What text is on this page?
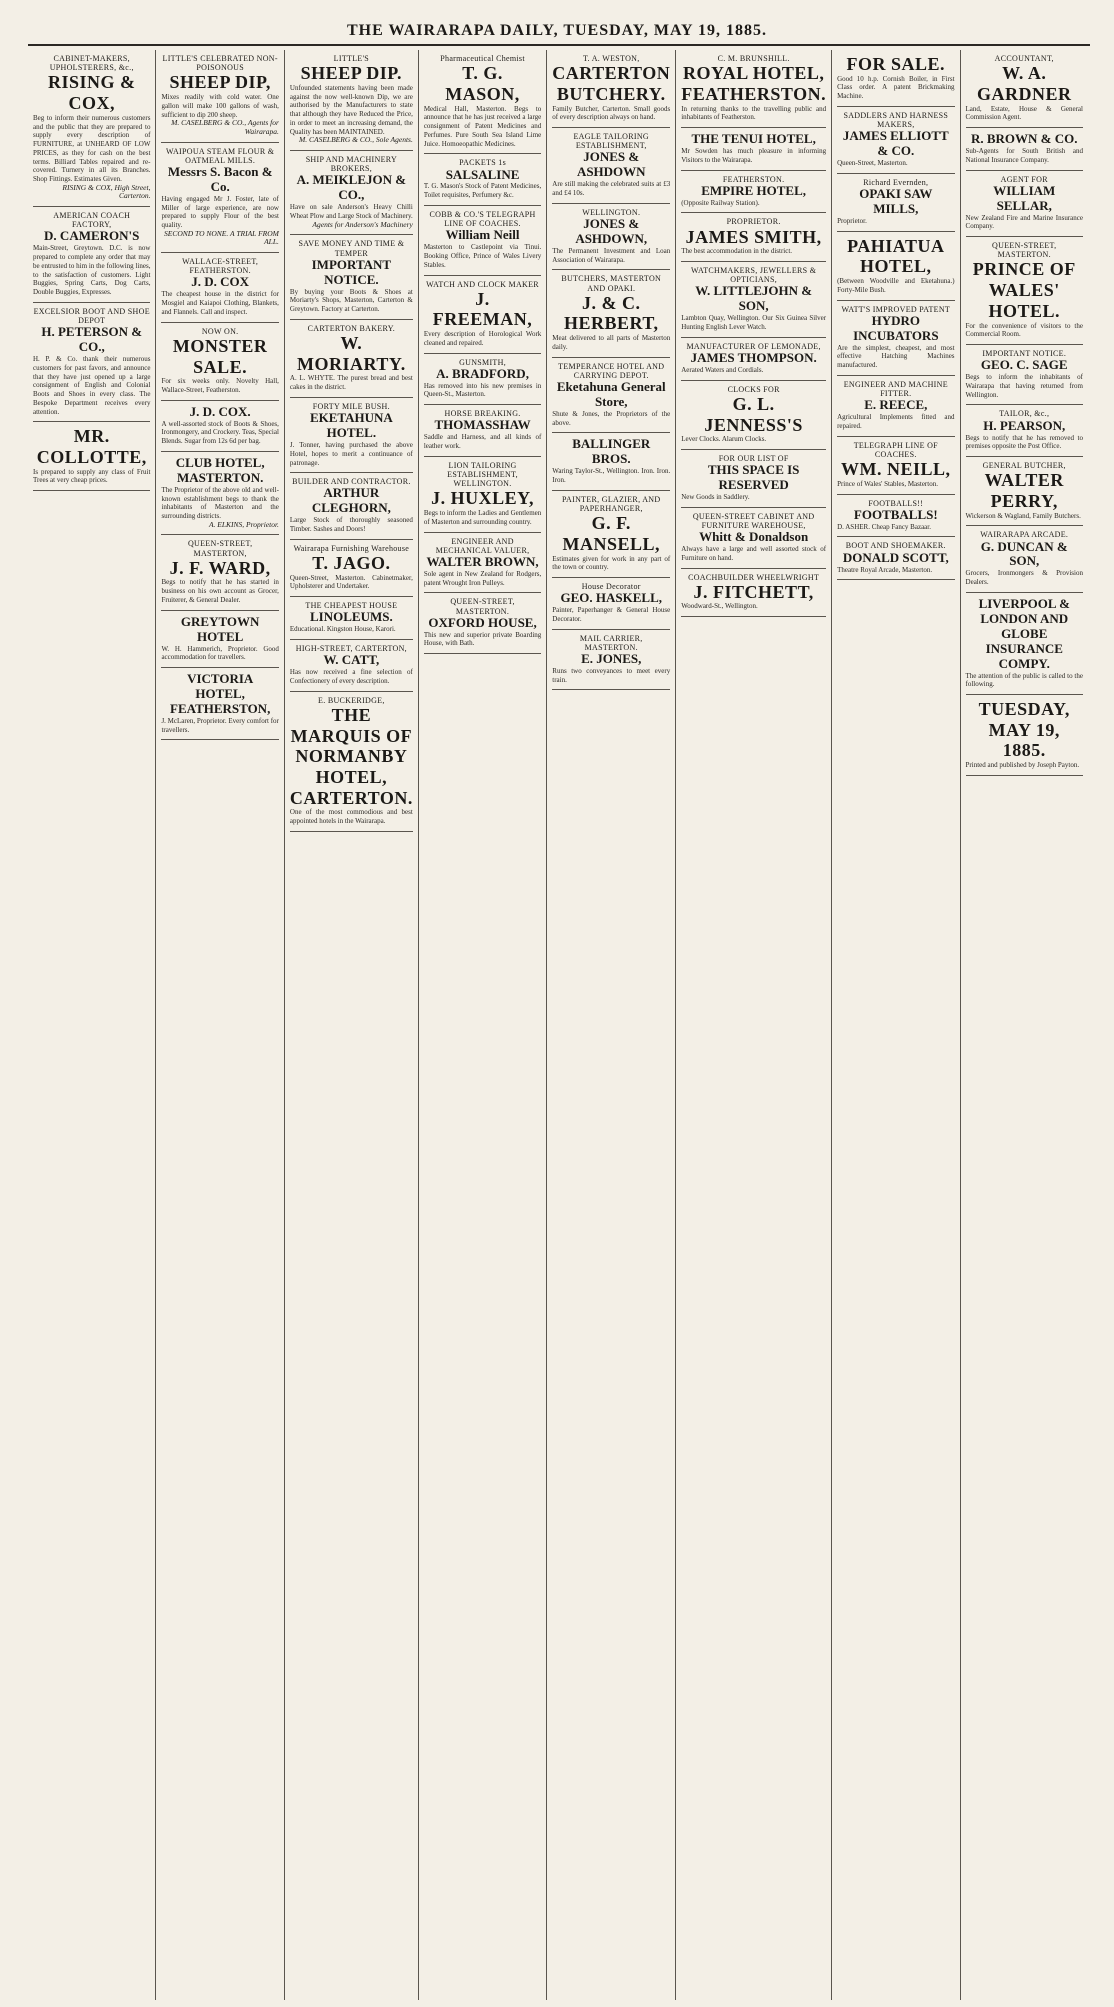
THE WAIRARAPA DAILY, TUESDAY, MAY 19, 1885.
CABINET-MAKERS, UPHOLSTERERS, &c.,
RISING & COX,
Beg to inform their numerous customers and the public that they are prepared to supply every description of FURNITURE, at UNHEARD OF LOW PRICES, as they for cash on the best terms. Billiard Tables repaired and re-covered. Turnery in all its Branches. Shop Fittings. Estimates Given.
RISING & COX, High Street, Carterton.
AMERICAN COACH FACTORY,
D. CAMERON'S
Main-Street, Greytown. D.C. is now prepared to complete any order that may be entrusted to him in the following lines, to the satisfaction of customers. Light Buggies, Spring Carts, Dog Carts, Double Buggies, Expresses.
EXCELSIOR BOOT AND SHOE DEPOT
H. PETERSON & CO.,
H. P. & Co. thank their numerous customers for past favors, and announce that they have just opened up a large consignment of English and Colonial Boots and Shoes in every class. The Bespoke Department receives every attention.
MR. COLLOTTE,
Is prepared to supply any class of Fruit Trees at very cheap prices.
LITTLE'S CELEBRATED NON-POISONOUS
SHEEP DIP,
Mixes readily with cold water. One gallon will make 100 gallons of wash, sufficient to dip 200 sheep.
M. CASELBERG & CO., Agents for Wairarapa.
WAIPOUA STEAM FLOUR & OATMEAL MILLS.
Messrs S. Bacon & Co.
Having engaged Mr J. Foster, late of Miller of large experience, are now prepared to supply Flour of the best quality.
SECOND TO NONE. A TRIAL FROM ALL.
WALLACE-STREET, FEATHERSTON.
J. D. COX
The cheapest house in the district for Mosgiel and Kaiapoi Clothing, Blankets, and Flannels. Call and inspect.
NOW ON.
MONSTER SALE.
For six weeks only. Novelty Hall, Wallace-Street, Featherston.
J. D. COX.
A well-assorted stock of Boots & Shoes, Ironmongery, and Crockery. Teas, Special Blends. Sugar from 12s 6d per bag.
CLUB HOTEL, MASTERTON.
The Proprietor of the above old and well-known establishment begs to thank the inhabitants of Masterton and the surrounding districts.
A. ELKINS, Proprietor.
QUEEN-STREET, MASTERTON,
J. F. WARD,
Begs to notify that he has started in business on his own account as Grocer, Fruiterer, & General Dealer.
GREYTOWN HOTEL
W. H. Hammerich, Proprietor. Good accommodation for travellers.
VICTORIA HOTEL, FEATHERSTON,
J. McLaren, Proprietor. Every comfort for travellers.
LITTLE'S
SHEEP DIP.
Unfounded statements having been made against the now well-known Dip, we are authorised by the Manufacturers to state that although they have Reduced the Price, in order to meet an increasing demand, the Quality has been MAINTAINED.
M. CASELBERG & CO., Sole Agents.
SHIP AND MACHINERY BROKERS,
A. MEIKLEJON & CO.,
Have on sale Anderson's Heavy Chilli Wheat Plow and Large Stock of Machinery.
Agents for Anderson's Machinery
SAVE MONEY AND TIME & TEMPER
IMPORTANT NOTICE.
By buying your Boots & Shoes at Moriarty's Shops, Masterton, Carterton & Greytown. Factory at Carterton.
CARTERTON BAKERY.
W. MORIARTY.
A. L. WHYTE. The purest bread and best cakes in the district.
FORTY MILE BUSH.
EKETAHUNA HOTEL.
J. Tonner, having purchased the above Hotel, hopes to merit a continuance of patronage.
BUILDER AND CONTRACTOR.
ARTHUR CLEGHORN,
Large Stock of thoroughly seasoned Timber. Sashes and Doors!
Wairarapa Furnishing Warehouse
T. JAGO.
Queen-Street, Masterton. Cabinetmaker, Upholsterer and Undertaker.
THE CHEAPEST HOUSE
LINOLEUMS.
Educational. Kingston House, Karori.
HIGH-STREET, CARTERTON,
W. CATT,
Has now received a fine selection of Confectionery of every description.
E. BUCKERIDGE,
THE MARQUIS OF NORMANBY HOTEL, CARTERTON.
One of the most commodious and best appointed hotels in the Wairarapa.
Pharmaceutical Chemist
T. G. MASON,
Medical Hall, Masterton. Begs to announce that he has just received a large consignment of Patent Medicines and Perfumes. Pure South Sea Island Lime Juice. Homoeopathic Medicines.
PACKETS 1s
SALSALINE
T. G. Mason's Stock of Patent Medicines, Toilet requisites, Perfumery &c.
COBB & CO.'S TELEGRAPH LINE OF COACHES.
William Neill
Masterton to Castlepoint via Tinui. Booking Office, Prince of Wales Livery Stables.
WATCH AND CLOCK MAKER
J. FREEMAN,
Every description of Horological Work cleaned and repaired.
GUNSMITH,
A. BRADFORD,
Has removed into his new premises in Queen-St., Masterton.
HORSE BREAKING.
THOMASSHAW
Saddle and Harness, and all kinds of leather work.
LION TAILORING ESTABLISHMENT, WELLINGTON.
J. HUXLEY,
Begs to inform the Ladies and Gentlemen of Masterton and surrounding country.
ENGINEER AND MECHANICAL VALUER,
WALTER BROWN,
Sole agent in New Zealand for Rodgers, patent Wrought Iron Pulleys.
QUEEN-STREET, MASTERTON.
OXFORD HOUSE,
This new and superior private Boarding House, with Bath.
T. A. WESTON,
CARTERTON BUTCHERY.
Family Butcher, Carterton. Small goods of every description always on hand.
EAGLE TAILORING ESTABLISHMENT,
JONES & ASHDOWN
Are still making the celebrated suits at £3 and £4 10s.
WELLINGTON.
JONES & ASHDOWN,
The Permanent Investment and Loan Association of Wairarapa.
BUTCHERS, MASTERTON AND OPAKI.
J. & C. HERBERT,
Meat delivered to all parts of Masterton daily.
TEMPERANCE HOTEL AND CARRYING DEPOT.
Eketahuna General Store,
Shute & Jones, the Proprietors of the above.
BALLINGER BROS.
Waring Taylor-St., Wellington. Iron. Iron. Iron.
PAINTER, GLAZIER, AND PAPERHANGER,
G. F. MANSELL,
Estimates given for work in any part of the town or country.
House Decorator
GEO. HASKELL,
Painter, Paperhanger & General House Decorator.
MAIL CARRIER, MASTERTON.
E. JONES,
Runs two conveyances to meet every train.
C. M. BRUNSHILL.
ROYAL HOTEL, FEATHERSTON.
In returning thanks to the travelling public and inhabitants of Featherston.
THE TENUI HOTEL,
Mr Sowden has much pleasure in informing Visitors to the Wairarapa.
FEATHERSTON.
EMPIRE HOTEL,
(Opposite Railway Station).
PROPRIETOR.
JAMES SMITH,
The best accommodation in the district.
WATCHMAKERS, JEWELLERS & OPTICIANS,
W. LITTLEJOHN & SON,
Lambton Quay, Wellington. Our Six Guinea Silver Hunting English Lever Watch.
MANUFACTURER OF LEMONADE,
JAMES THOMPSON.
Aerated Waters and Cordials.
CLOCKS FOR
G. L. JENNESS'S
Lever Clocks. Alarum Clocks.
FOR OUR LIST OF
THIS SPACE IS RESERVED
New Goods in Saddlery.
QUEEN-STREET CABINET AND FURNITURE WAREHOUSE,
Whitt & Donaldson
Always have a large and well assorted stock of Furniture on hand.
COACHBUILDER WHEELWRIGHT
J. FITCHETT,
Woodward-St., Wellington.
FOR SALE.
Good 10 h.p. Cornish Boiler, in First Class order. A patent Brickmaking Machine.
SADDLERS AND HARNESS MAKERS,
JAMES ELLIOTT & CO.
Queen-Street, Masterton.
Richard Evernden,
OPAKI SAW MILLS,
Proprietor.
PAHIATUA HOTEL,
(Between Woodville and Eketahuna.) Forty-Mile Bush.
WATT'S IMPROVED PATENT
HYDRO INCUBATORS
Are the simplest, cheapest, and most effective Hatching Machines manufactured.
ENGINEER AND MACHINE FITTER.
E. REECE,
Agricultural Implements fitted and repaired.
TELEGRAPH LINE OF COACHES.
WM. NEILL,
Prince of Wales' Stables, Masterton.
FOOTBALLS!!
FOOTBALLS!
D. ASHER. Cheap Fancy Bazaar.
BOOT AND SHOEMAKER.
DONALD SCOTT,
Theatre Royal Arcade, Masterton.
ACCOUNTANT,
W. A. GARDNER
Land, Estate, House & General Commission Agent.
R. BROWN & CO.
Sub-Agents for South British and National Insurance Company.
AGENT FOR
WILLIAM SELLAR,
New Zealand Fire and Marine Insurance Company.
QUEEN-STREET, MASTERTON.
PRINCE OF WALES' HOTEL.
For the convenience of visitors to the Commercial Room.
IMPORTANT NOTICE.
GEO. C. SAGE
Begs to inform the inhabitants of Wairarapa that having returned from Wellington.
TAILOR, &c.,
H. PEARSON,
Begs to notify that he has removed to premises opposite the Post Office.
GENERAL BUTCHER,
WALTER PERRY,
Wickerson & Wagland, Family Butchers.
WAIRARAPA ARCADE.
G. DUNCAN & SON,
Grocers, Ironmongers & Provision Dealers.
LIVERPOOL & LONDON AND GLOBE INSURANCE COMPY.
The attention of the public is called to the following.
TUESDAY, MAY 19, 1885.
Printed and published by Joseph Payton.
